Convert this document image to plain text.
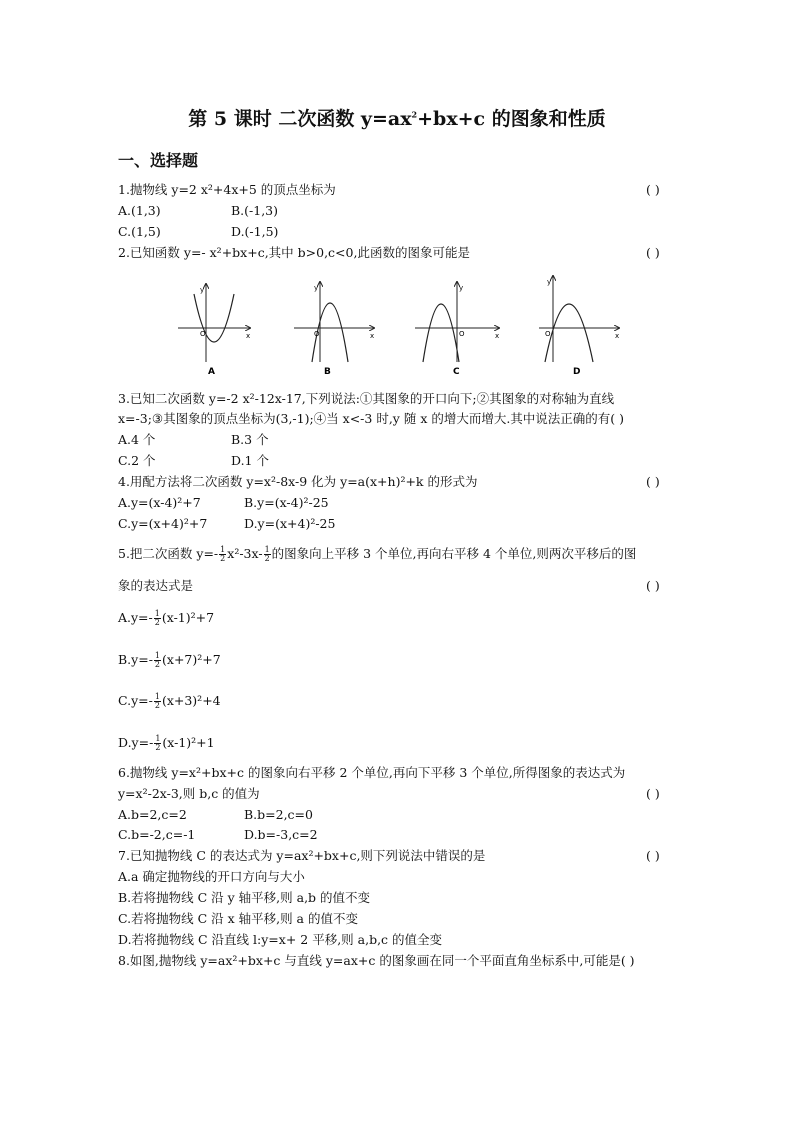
第 5 课时 二次函数 $y=ax^2+bx+c$ 的图象和性质
一、选择题
1.抛物线 y=2 x²+4x+5 的顶点坐标为	( )
A.(1,3)	B.(-1,3)
C.(1,5)	D.(-1,5)
2.已知函数 y=- x²+bx+c,其中 b>0,c<0,此函数的图象可能是	( )
y
x
O
A
y
x
O
B
y
x
O
C
y
x
O
D
3.已知二次函数 y=-2 x²-12x-17,下列说法:①其图象的开口向下;②其图象的对称轴为直线
x=-3;③其图象的顶点坐标为(3,-1);④当 x<-3 时,y 随 x 的增大而增大.其中说法正确的有( )
A.4 个	B.3 个
C.2 个	D.1 个
4.用配方法将二次函数 y=x²-8x-9 化为 y=a(x+h)²+k 的形式为	( )
A.y=(x-4)²+7	B.y=(x-4)²-25
C.y=(x+4)²+7	D.y=(x+4)²-25
5.把二次函数 $y=- \frac{1}{2} x^2-3x- \frac{1}{2}$ 的图象向上平移 3 个单位,再向右平移 4 个单位,则两次平移后的图
象的表达式是	( )
$A.y=- \frac{1}{2} (x-1)^2+7$
$B.y=- \frac{1}{2} (x+7)^2+7$
$C.y=- \frac{1}{2} (x+3)^2+4$
$D.y=- \frac{1}{2} (x-1)^2+1$
6.抛物线 y=x²+bx+c 的图象向右平移 2 个单位,再向下平移 3 个单位,所得图象的表达式为
y=x²-2x-3,则 b,c 的值为	( )
A.b=2,c=2	B.b=2,c=0
C.b=-2,c=-1	D.b=-3,c=2
7.已知抛物线 C 的表达式为 y=ax²+bx+c,则下列说法中错误的是	( )
A.a 确定抛物线的开口方向与大小
B.若将抛物线 C 沿 y 轴平移,则 a,b 的值不变
C.若将抛物线 C 沿 x 轴平移,则 a 的值不变
D.若将抛物线 C 沿直线 l:y=x+ 2 平移,则 a,b,c 的值全变
8.如图,抛物线 y=ax²+bx+c 与直线 y=ax+c 的图象画在同一个平面直角坐标系中,可能是( )
